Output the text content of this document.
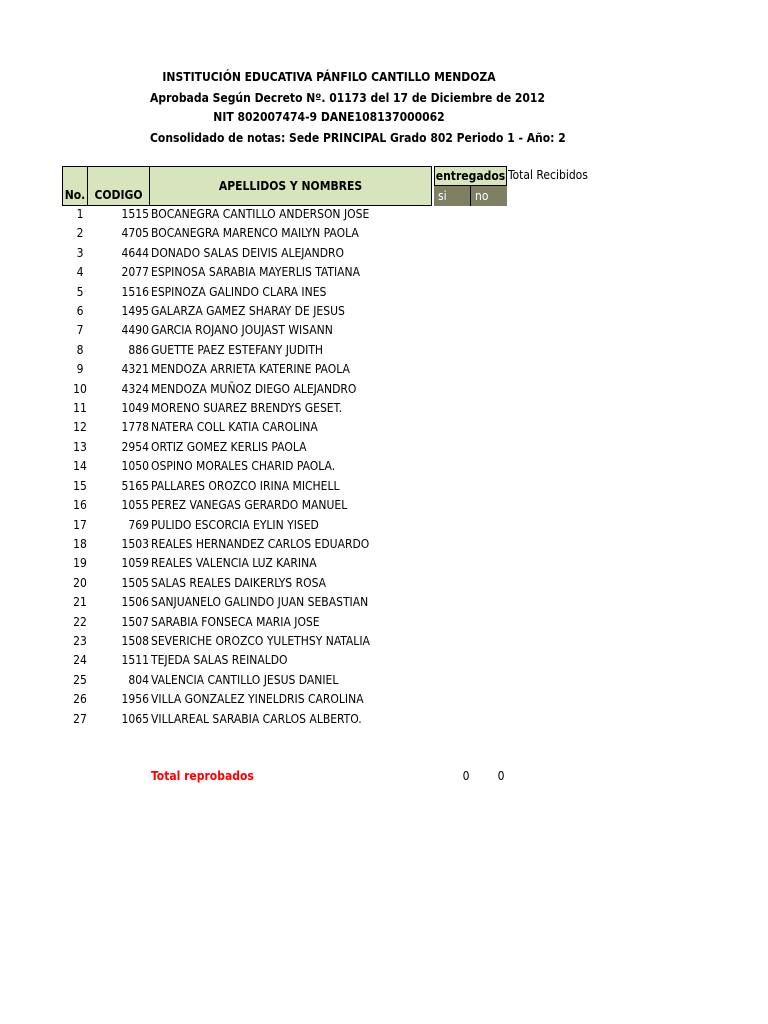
INSTITUCIÓN EDUCATIVA PÁNFILO CANTILLO MENDOZA
Aprobada Según Decreto Nº. 01173 del 17 de Diciembre de 2012
NIT 802007474-9 DANE108137000062
Consolidado de notas: Sede PRINCIPAL Grado 802 Periodo 1 - Año: 2
No. CODIGO
APELLIDOS Y NOMBRES
entregados
si	no
Total Recibidos
1	1515 BOCANEGRA CANTILLO ANDERSON JOSE
2	4705 BOCANEGRA MARENCO MAILYN PAOLA
3	4644 DONADO SALAS DEIVIS ALEJANDRO
4	2077 ESPINOSA SARABIA MAYERLIS TATIANA
5	1516 ESPINOZA GALINDO CLARA INES
6	1495 GALARZA GAMEZ SHARAY DE JESUS
7	4490 GARCIA ROJANO JOUJAST WISANN
8	886 GUETTE PAEZ ESTEFANY JUDITH
9	4321 MENDOZA ARRIETA KATERINE PAOLA
10	4324 MENDOZA MUÑOZ DIEGO ALEJANDRO
11	1049 MORENO SUAREZ BRENDYS GESET.
12	1778 NATERA COLL KATIA CAROLINA
13	2954 ORTIZ GOMEZ KERLIS PAOLA
14	1050 OSPINO MORALES CHARID PAOLA.
15	5165 PALLARES OROZCO IRINA MICHELL
16	1055 PEREZ VANEGAS GERARDO MANUEL
17	769 PULIDO ESCORCIA EYLIN YISED
18	1503 REALES HERNANDEZ CARLOS EDUARDO
19	1059 REALES VALENCIA LUZ KARINA
20	1505 SALAS REALES DAIKERLYS ROSA
21	1506 SANJUANELO GALINDO JUAN SEBASTIAN
22	1507 SARABIA FONSECA MARIA JOSE
23	1508 SEVERICHE OROZCO YULETHSY NATALIA
24	1511 TEJEDA SALAS REINALDO
25	804 VALENCIA CANTILLO JESUS DANIEL
26	1956 VILLA GONZALEZ YINELDRIS CAROLINA
27	1065 VILLAREAL SARABIA CARLOS ALBERTO.
Total reprobados	0	0
